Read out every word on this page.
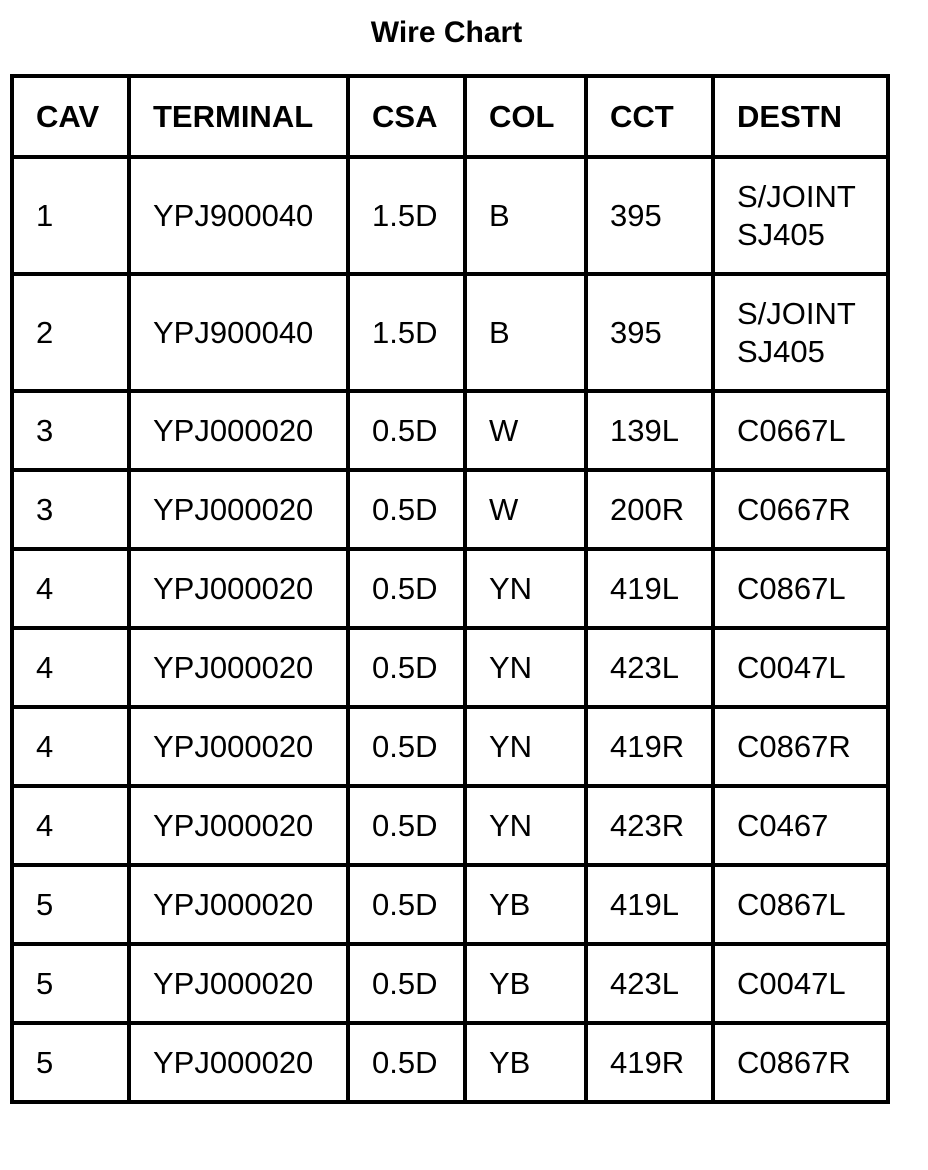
Wire Chart
CAV	TERMINAL	CSA	COL	CCT	DESTN
1	YPJ900040	1.5D	B	395	S/JOINT
SJ405
2	YPJ900040	1.5D	B	395	S/JOINT
SJ405
3	YPJ000020	0.5D	W	139L	C0667L
3	YPJ000020	0.5D	W	200R	C0667R
4	YPJ000020	0.5D	YN	419L	C0867L
4	YPJ000020	0.5D	YN	423L	C0047L
4	YPJ000020	0.5D	YN	419R	C0867R
4	YPJ000020	0.5D	YN	423R	C0467
5	YPJ000020	0.5D	YB	419L	C0867L
5	YPJ000020	0.5D	YB	423L	C0047L
5	YPJ000020	0.5D	YB	419R	C0867R
